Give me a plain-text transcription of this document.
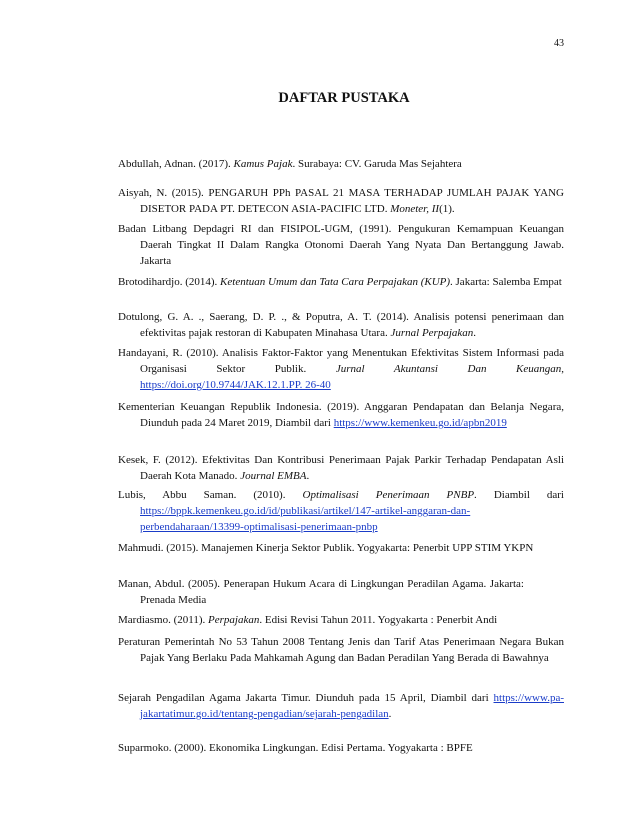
43
DAFTAR PUSTAKA

Abdullah, Adnan. (2017). Kamus Pajak. Surabaya: CV. Garuda Mas Sejahtera

Aisyah, N. (2015). PENGARUH PPh PASAL 21 MASA TERHADAP JUMLAH PAJAK YANG DISETOR PADA PT. DETECON ASIA-PACIFIC LTD. Moneter, II(1).

Badan Litbang Depdagri RI dan FISIPOL-UGM, (1991). Pengukuran Kemampuan Keuangan Daerah Tingkat II Dalam Rangka Otonomi Daerah Yang Nyata Dan Bertanggung Jawab. Jakarta

Brotodihardjo. (2014). Ketentuan Umum dan Tata Cara Perpajakan (KUP). Jakarta: Salemba Empat

Dotulong, G. A. ., Saerang, D. P. ., & Poputra, A. T. (2014). Analisis potensi penerimaan dan efektivitas pajak restoran di Kabupaten Minahasa Utara. Jurnal Perpajakan.

Handayani, R. (2010). Analisis Faktor-Faktor yang Menentukan Efektivitas Sistem Informasi pada Organisasi Sektor Publik. Jurnal Akuntansi Dan Keuangan, https://doi.org/10.9744/JAK.12.1.PP. 26-40

Kementerian Keuangan Republik Indonesia. (2019). Anggaran Pendapatan dan Belanja Negara, Diunduh pada 24 Maret 2019, Diambil dari https://www.kemenkeu.go.id/apbn2019

Kesek, F. (2012). Efektivitas Dan Kontribusi Penerimaan Pajak Parkir Terhadap Pendapatan Asli Daerah Kota Manado. Journal EMBA.

Lubis, Abbu Saman. (2010). Optimalisasi Penerimaan PNBP. Diambil dari https://bppk.kemenkeu.go.id/id/publikasi/artikel/147-artikel-anggaran-dan-perbendaharaan/13399-optimalisasi-penerimaan-pnbp

Mahmudi. (2015). Manajemen Kinerja Sektor Publik. Yogyakarta: Penerbit UPP STIM YKPN

Manan, Abdul. (2005). Penerapan Hukum Acara di Lingkungan Peradilan Agama. Jakarta: Prenada Media

Mardiasmo. (2011). Perpajakan. Edisi Revisi Tahun 2011. Yogyakarta : Penerbit Andi

Peraturan Pemerintah No 53 Tahun 2008 Tentang Jenis dan Tarif Atas Penerimaan Negara Bukan Pajak Yang Berlaku Pada Mahkamah Agung dan Badan Peradilan Yang Berada di Bawahnya

Sejarah Pengadilan Agama Jakarta Timur. Diunduh pada 15 April, Diambil dari https://www.pa-jakartatimur.go.id/tentang-pengadian/sejarah-pengadilan.

Suparmoko. (2000). Ekonomika Lingkungan. Edisi Pertama. Yogyakarta : BPFE
